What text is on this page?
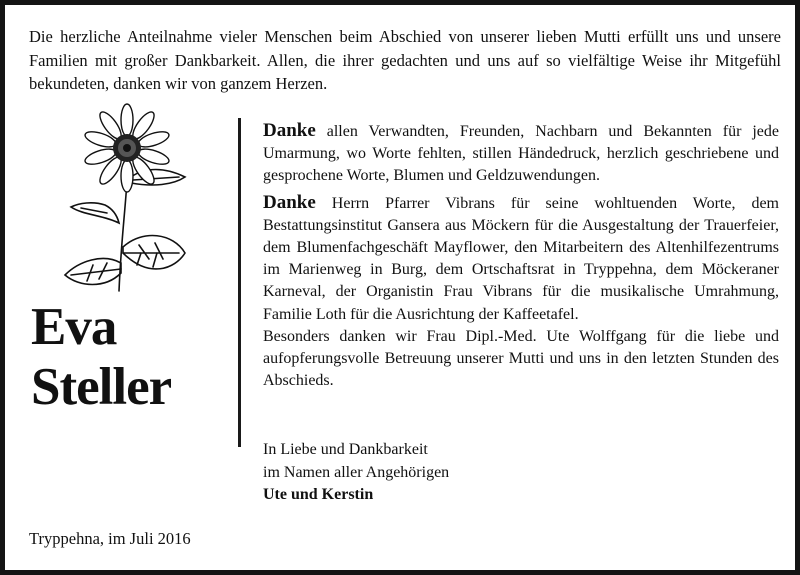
Die herzliche Anteilnahme vieler Menschen beim Abschied von unserer lieben Mutti erfüllt uns und unsere Familien mit großer Dankbarkeit. Allen, die ihrer gedachten und uns auf so vielfältige Weise ihr Mitgefühl bekundeten, danken wir von ganzem Herzen.
Eva
Steller

Danke allen Verwandten, Freunden, Nachbarn und Bekannten für jede Umarmung, wo Worte fehlten, stillen Händedruck, herzlich geschriebene und gesprochene Worte, Blumen und Geldzuwendungen.

Danke Herrn Pfarrer Vibrans für seine wohltuenden Worte, dem Bestattungsinstitut Gansera aus Möckern für die Ausgestaltung der Trauerfeier, dem Blumenfachgeschäft Mayflower, den Mitarbeitern des Altenhilfezentrums im Marienweg in Burg, dem Ortschaftsrat in Tryppehna, dem Möckeraner Karneval, der Organistin Frau Vibrans für die musikalische Umrahmung, Familie Loth für die Ausrichtung der Kaffeetafel.

Besonders danken wir Frau Dipl.-Med. Ute Wolffgang für die liebe und aufopferungsvolle Betreuung unserer Mutti und uns in den letzten Stunden des Abschieds.

In Liebe und Dankbarkeit
im Namen aller Angehörigen
Ute und Kerstin
Tryppehna, im Juli 2016
